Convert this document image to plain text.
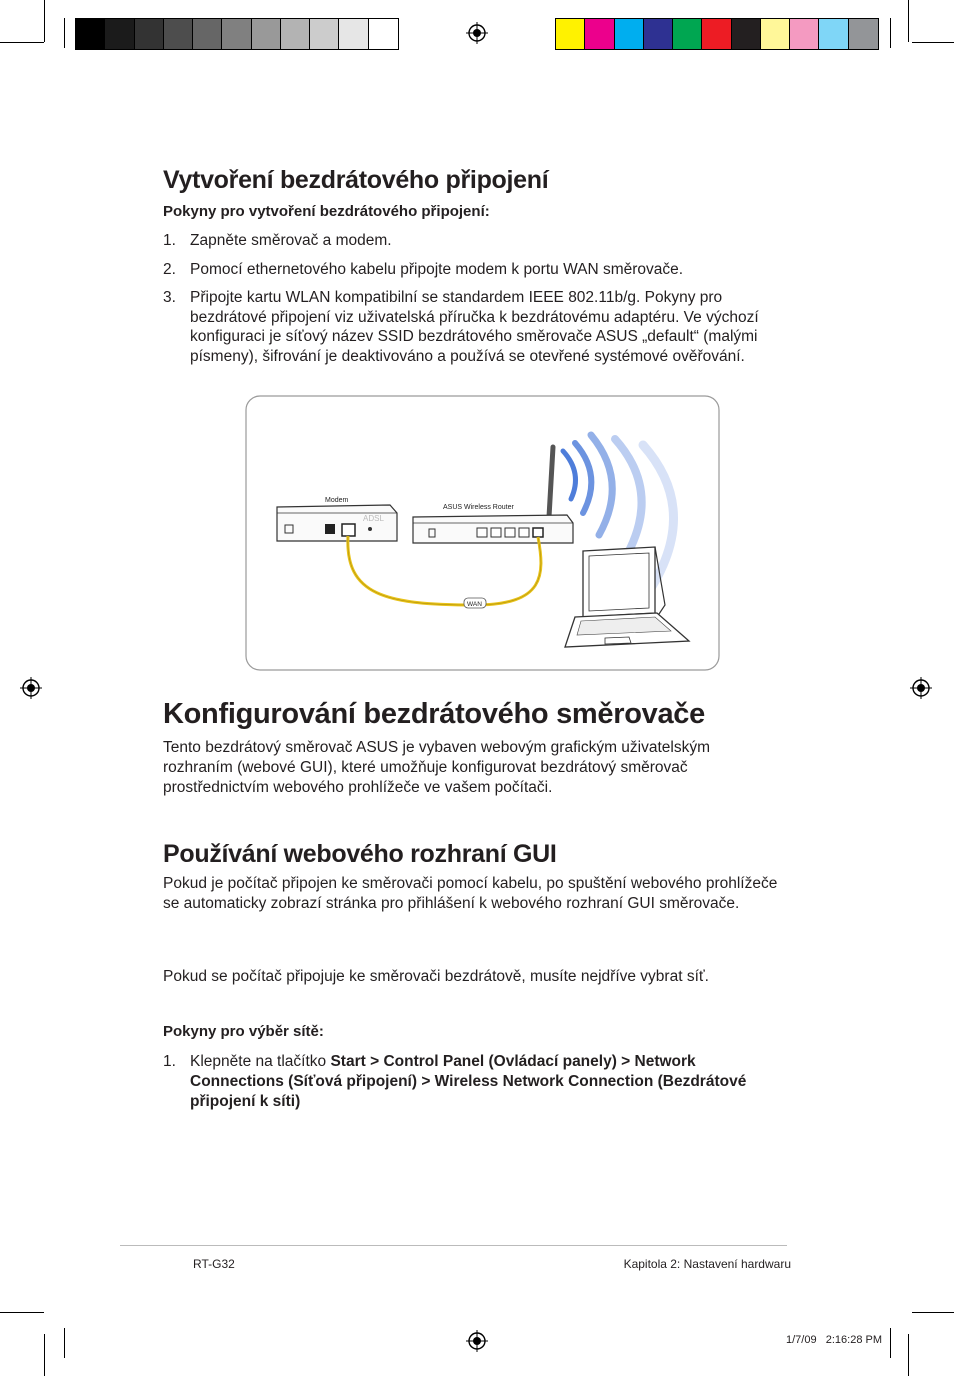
Vytvoření bezdrátového připojení

Pokyny pro vytvoření bezdrátového připojení:

1. Zapněte směrovač a modem.
2. Pomocí ethernetového kabelu připojte modem k portu WAN směrovače.
3. Připojte kartu WLAN kompatibilní se standardem IEEE 802.11b/g. Pokyny pro bezdrátové připojení viz uživatelská příručka k bezdrátovému adaptéru. Ve výchozí konfiguraci je síťový název SSID bezdrátového směrovače ASUS „default“ (malými písmeny), šifrování je deaktivováno a používá se otevřené systémové ověřování.
Modem
ADSL
ASUS Wireless Router
WAN
Konfigurování bezdrátového směrovače

Tento bezdrátový směrovač ASUS je vybaven webovým grafickým uživatelským rozhraním (webové GUI), které umožňuje konfigurovat bezdrátový směrovač prostřednictvím webového prohlížeče ve vašem počítači.

Používání webového rozhraní GUI

Pokud je počítač připojen ke směrovači pomocí kabelu, po spuštění webového prohlížeče se automaticky zobrazí stránka pro přihlášení k webového rozhraní GUI směrovače.

Pokud se počítač připojuje ke směrovači bezdrátově, musíte nejdříve vybrat síť.

Pokyny pro výběr sítě:

1. Klepněte na tlačítko Start > Control Panel (Ovládací panely) > Network Connections (Síťová připojení) > Wireless Network Connection (Bezdrátové připojení k síti)
RT-G32	Kapitola 2: Nastavení hardwaru
1/7/09   2:16:28 PM
